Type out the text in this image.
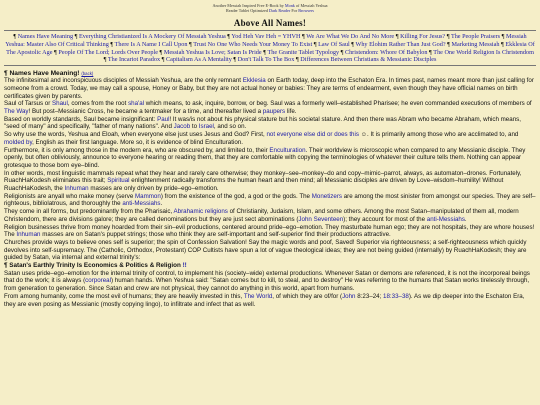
Another Messiah Inspired Free E-Book by Monk of Messiah Yeshua
Reader Tablet Optimized Dark Reader For Browsers
Above All Names!
¶ Names Have Meaning ¶ Everything Christianized Is A Mockery Of Messiah Yeshua ¶ Yod Heh Vav Heh = YHVH ¶ We Are What We Do And No More ¶ Killing For Jesus? ¶ The People Praisers ¶ Messiah Yeshua: Master Also Of Critical Thinking ¶ There Is A Name I Call Upon ¶ Trust No One Who Needs Your Money To Exist ¶ Law Of Saul ¶ Why Elohim Rather Than Just God? ¶ Marketing Messiah ¶ Ekklesia Of The Apostolic Age ¶ People Of The Lord; Lords Over People ¶ Messiah Yeshua Is Love; Satan Is Pride ¶ The Granite Tablet Typology ¶ Christendom: Whore Of Babylon ¶ The One World Religion Is Christendom ¶ The Incariot Paradox ¶ Capitalism As A Mentality ¶ Don't Talk To The Box ¶ Differences Between Christians & Messianic Disciples
¶ Names Have Meaning! (back)

The infinitesimal and inconspicuous disciples of Messiah Yeshua, are the only remnant Ekklesia on Earth today, deep into the Eschaton Era. In times past, names meant more than just calling for someone from a crowd. Today, we may call a spouse, Honey or Baby, but they are not actual honey or babies: They are terms of endearment, even though they have official names on birth certificates given by parents.

Saul of Tarsus or Shaul, comes from the root sha'al which means, to ask, inquire, borrow, or beg. Saul was a formerly well–established Pharisee; he even commanded executions of members of The Way! But post–Messianic Cross, he became a tentmaker for a time, and thereafter lived a paupers life.

Based on worldly standards, Saul became insignificant: Paul! It was/is not about his physical stature but his societal stature. And then there was Abram who became Abraham, which means, "seed of many" and specifically, "father of many nations". And Jacob to Israel, and so on.

So why use the words, Yeshua and Eloah, when everyone else just uses Jesus and God? First, not everyone else did or does this ☺. It is primarily among those who are acclimated to, and molded by, English as their first language. More so, it is evidence of blind Enculturation.

Furthermore, it is only among those in the modern era, who are obscured by, and limited to, their Enculturation. Their worldview is microscopic when compared to any Messianic disciple. They openly, but often obliviously, announce to everyone hearing or reading them, that they are comfortable with copying the terminologies of whatever their culture tells them. Nothing can appear grotesque to those born eye–blind.

In other words, most linguistic mammals repeat what they hear and rarely care otherwise; they monkey–see–monkey–do and copy–mimic–parrot, always, as automaton–drones. Fortunately, RuachHaKodesh eliminates this trait; Spiritual enlightenment radically transforms the human heart and then mind; all Messianic disciples are driven by Love–wisdom–humility! Without RuachHaKodesh, the Inhuman masses are only driven by pride–ego–emotion.

Religionists are anyall who make money (serve Mammon) from the existence of the god, a god or the gods. The Monetizers are among the most sinister from amongst our species. They are self–righteous, bibliolatrous, and thoroughly the anti-Messiahs.

They come in all forms, but predominantly from the Pharisaic, Abrahamic religions of Christianity, Judaism, Islam, and some others. Among the most Satan–manipulated of them all, modern Christendom, there are divisions galore; they are called denominations but they are just sect abominations (John Seventeen); they account for most of the anti-Messiahs.

Religion businesses thrive from money hoarded from their sin–evil productions, centered around pride–ego–emotion. They masturbate human ego; they are not hospitals, they are whore houses! The Inhuman masses are on Satan's puppet strings; those who think they are self-important and self-superior find their productions attractive.

Churches provide ways to believe ones self is superior; the spin of Confession Salvation! Say the magic words and poof, Saved! Superior via righteousness; a self-righteousness which quickly devolves into self-supremacy. The (Catholic, Orthodox, Protestant) COP Cultists have spun a lot of vague theological ideas; they are not being guided (internally) by RuachHaKodesh; they are guided by Satan, via internal and external trinity's:

¶ Satan's Earthly Trinity Is Economics & Politics & Religion !!

Satan uses pride–ego–emotion for the internal trinity of control, to implement his (society–wide) external productions. Whenever Satan or demons are referenced, it is not the incorporeal beings that do the work; it is always (corporeal) human hands. When Yeshua said: "Satan comes but to kill, to steal, and to destroy" He was referring to the humans that Satan works tirelessly through, from generation to generation. Since Satan and crew are not physical, they cannot do anything in this world, apart from humans.

From among humanity, come the most evil of humans; they are heavily invested in this, The World, of which they are of/for (John 8:23–24; 18:33–38). As we dip deeper into the Eschaton Era, they are even posing as Messianic (mostly copying lingo), to infiltrate and infect that as well.
